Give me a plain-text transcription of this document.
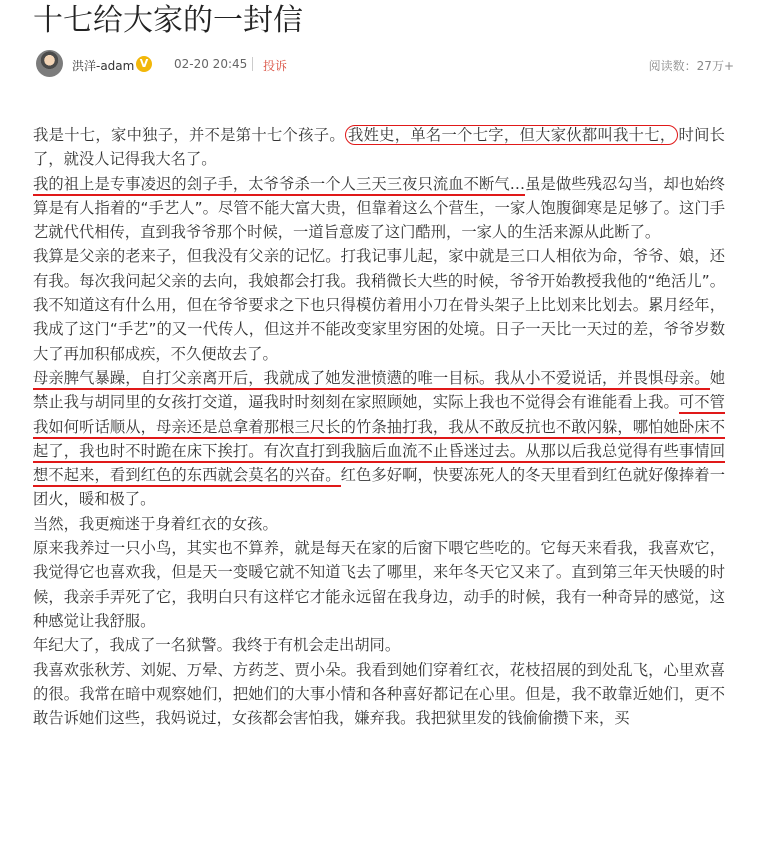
十七给大家的一封信
洪洋-adam V	02-20 20:45 投诉	阅读数：27万+

我是十七，家中独子，并不是第十七个孩子。 我姓史，单名一个七字，但大家伙都叫我十七， 时间长了，就没人记得我大名了。

我的祖上是专事凌迟的刽子手，太爷爷杀一个人三天三夜只流血不断气…虽是做些残忍勾当，却也始终算是有人指着的“手艺人”。尽管不能大富大贵，但靠着这么个营生，一家人饱腹御寒是足够了。这门手艺就代代相传，直到我爷爷那个时候，一道旨意废了这门酷刑，一家人的生活来源从此断了。

我算是父亲的老来子，但我没有父亲的记忆。打我记事儿起，家中就是三口人相依为命，爷爷、娘，还有我。每次我问起父亲的去向，我娘都会打我。我稍微长大些的时候，爷爷开始教授我他的“绝活儿”。我不知道这有什么用，但在爷爷要求之下也只得模仿着用小刀在骨头架子上比划来比划去。累月经年，我成了这门“手艺”的又一代传人，但这并不能改变家里穷困的处境。日子一天比一天过的差，爷爷岁数大了再加积郁成疾，不久便故去了。

母亲脾气暴躁，自打父亲离开后，我就成了她发泄愤懑的唯一目标。我从小不爱说话，并畏惧母亲。她禁止我与胡同里的女孩打交道，逼我时时刻刻在家照顾她，实际上我也不觉得会有谁能看上我。可不管我如何听话顺从，母亲还是总拿着那根三尺长的竹条抽打我，我从不敢反抗也不敢闪躲，哪怕她卧床不起了，我也时不时跪在床下挨打。有次直打到我脑后血流不止昏迷过去。从那以后我总觉得有些事情回想不起来，看到红色的东西就会莫名的兴奋。红色多好啊，快要冻死人的冬天里看到红色就好像捧着一团火，暖和极了。

当然，我更痴迷于身着红衣的女孩。

原来我养过一只小鸟，其实也不算养，就是每天在家的后窗下喂它些吃的。它每天来看我，我喜欢它，我觉得它也喜欢我，但是天一变暖它就不知道飞去了哪里，来年冬天它又来了。直到第三年天快暖的时候，我亲手弄死了它，我明白只有这样它才能永远留在我身边，动手的时候，我有一种奇异的感觉，这种感觉让我舒服。

年纪大了，我成了一名狱警。我终于有机会走出胡同。

我喜欢张秋芳、刘妮、万晕、方药芝、贾小朵。我看到她们穿着红衣，花枝招展的到处乱飞，心里欢喜的很。我常在暗中观察她们，把她们的大事小情和各种喜好都记在心里。但是，我不敢靠近她们，更不敢告诉她们这些，我妈说过，女孩都会害怕我，嫌弃我。我把狱里发的钱偷偷攒下来，买
